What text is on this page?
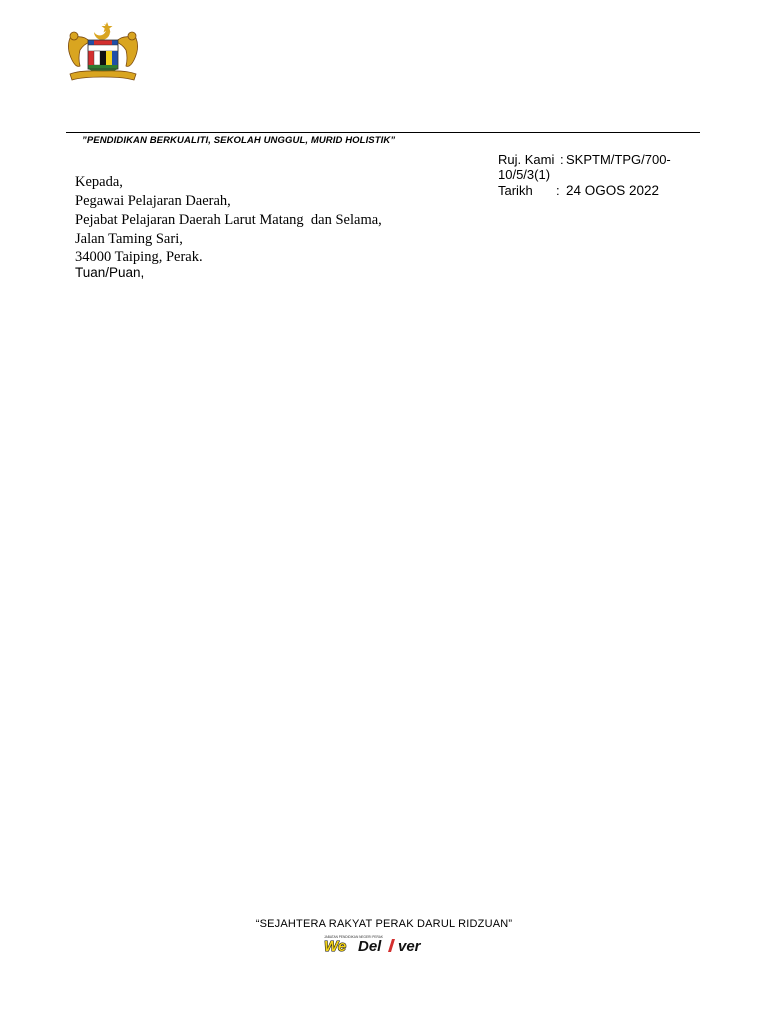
”PENDIDIKAN BERKUALITI, SEKOLAH UNGGUL, MURID HOLISTIK”
Ruj. Kami : SKPTM/TPG/700-
10/5/3(1)
Tarikh : 24 OGOS 2022
Kepada,
Pegawai Pelajaran Daerah,
Pejabat Pelajaran Daerah Larut Matang  dan Selama,
Jalan Taming Sari,
34000 Taiping, Perak.
Tuan/Puan,
“SEJAHTERA RAKYAT PERAK DARUL RIDZUAN”
JABATAN PENDIDIKAN NEGERI PERAK
We Del ver
